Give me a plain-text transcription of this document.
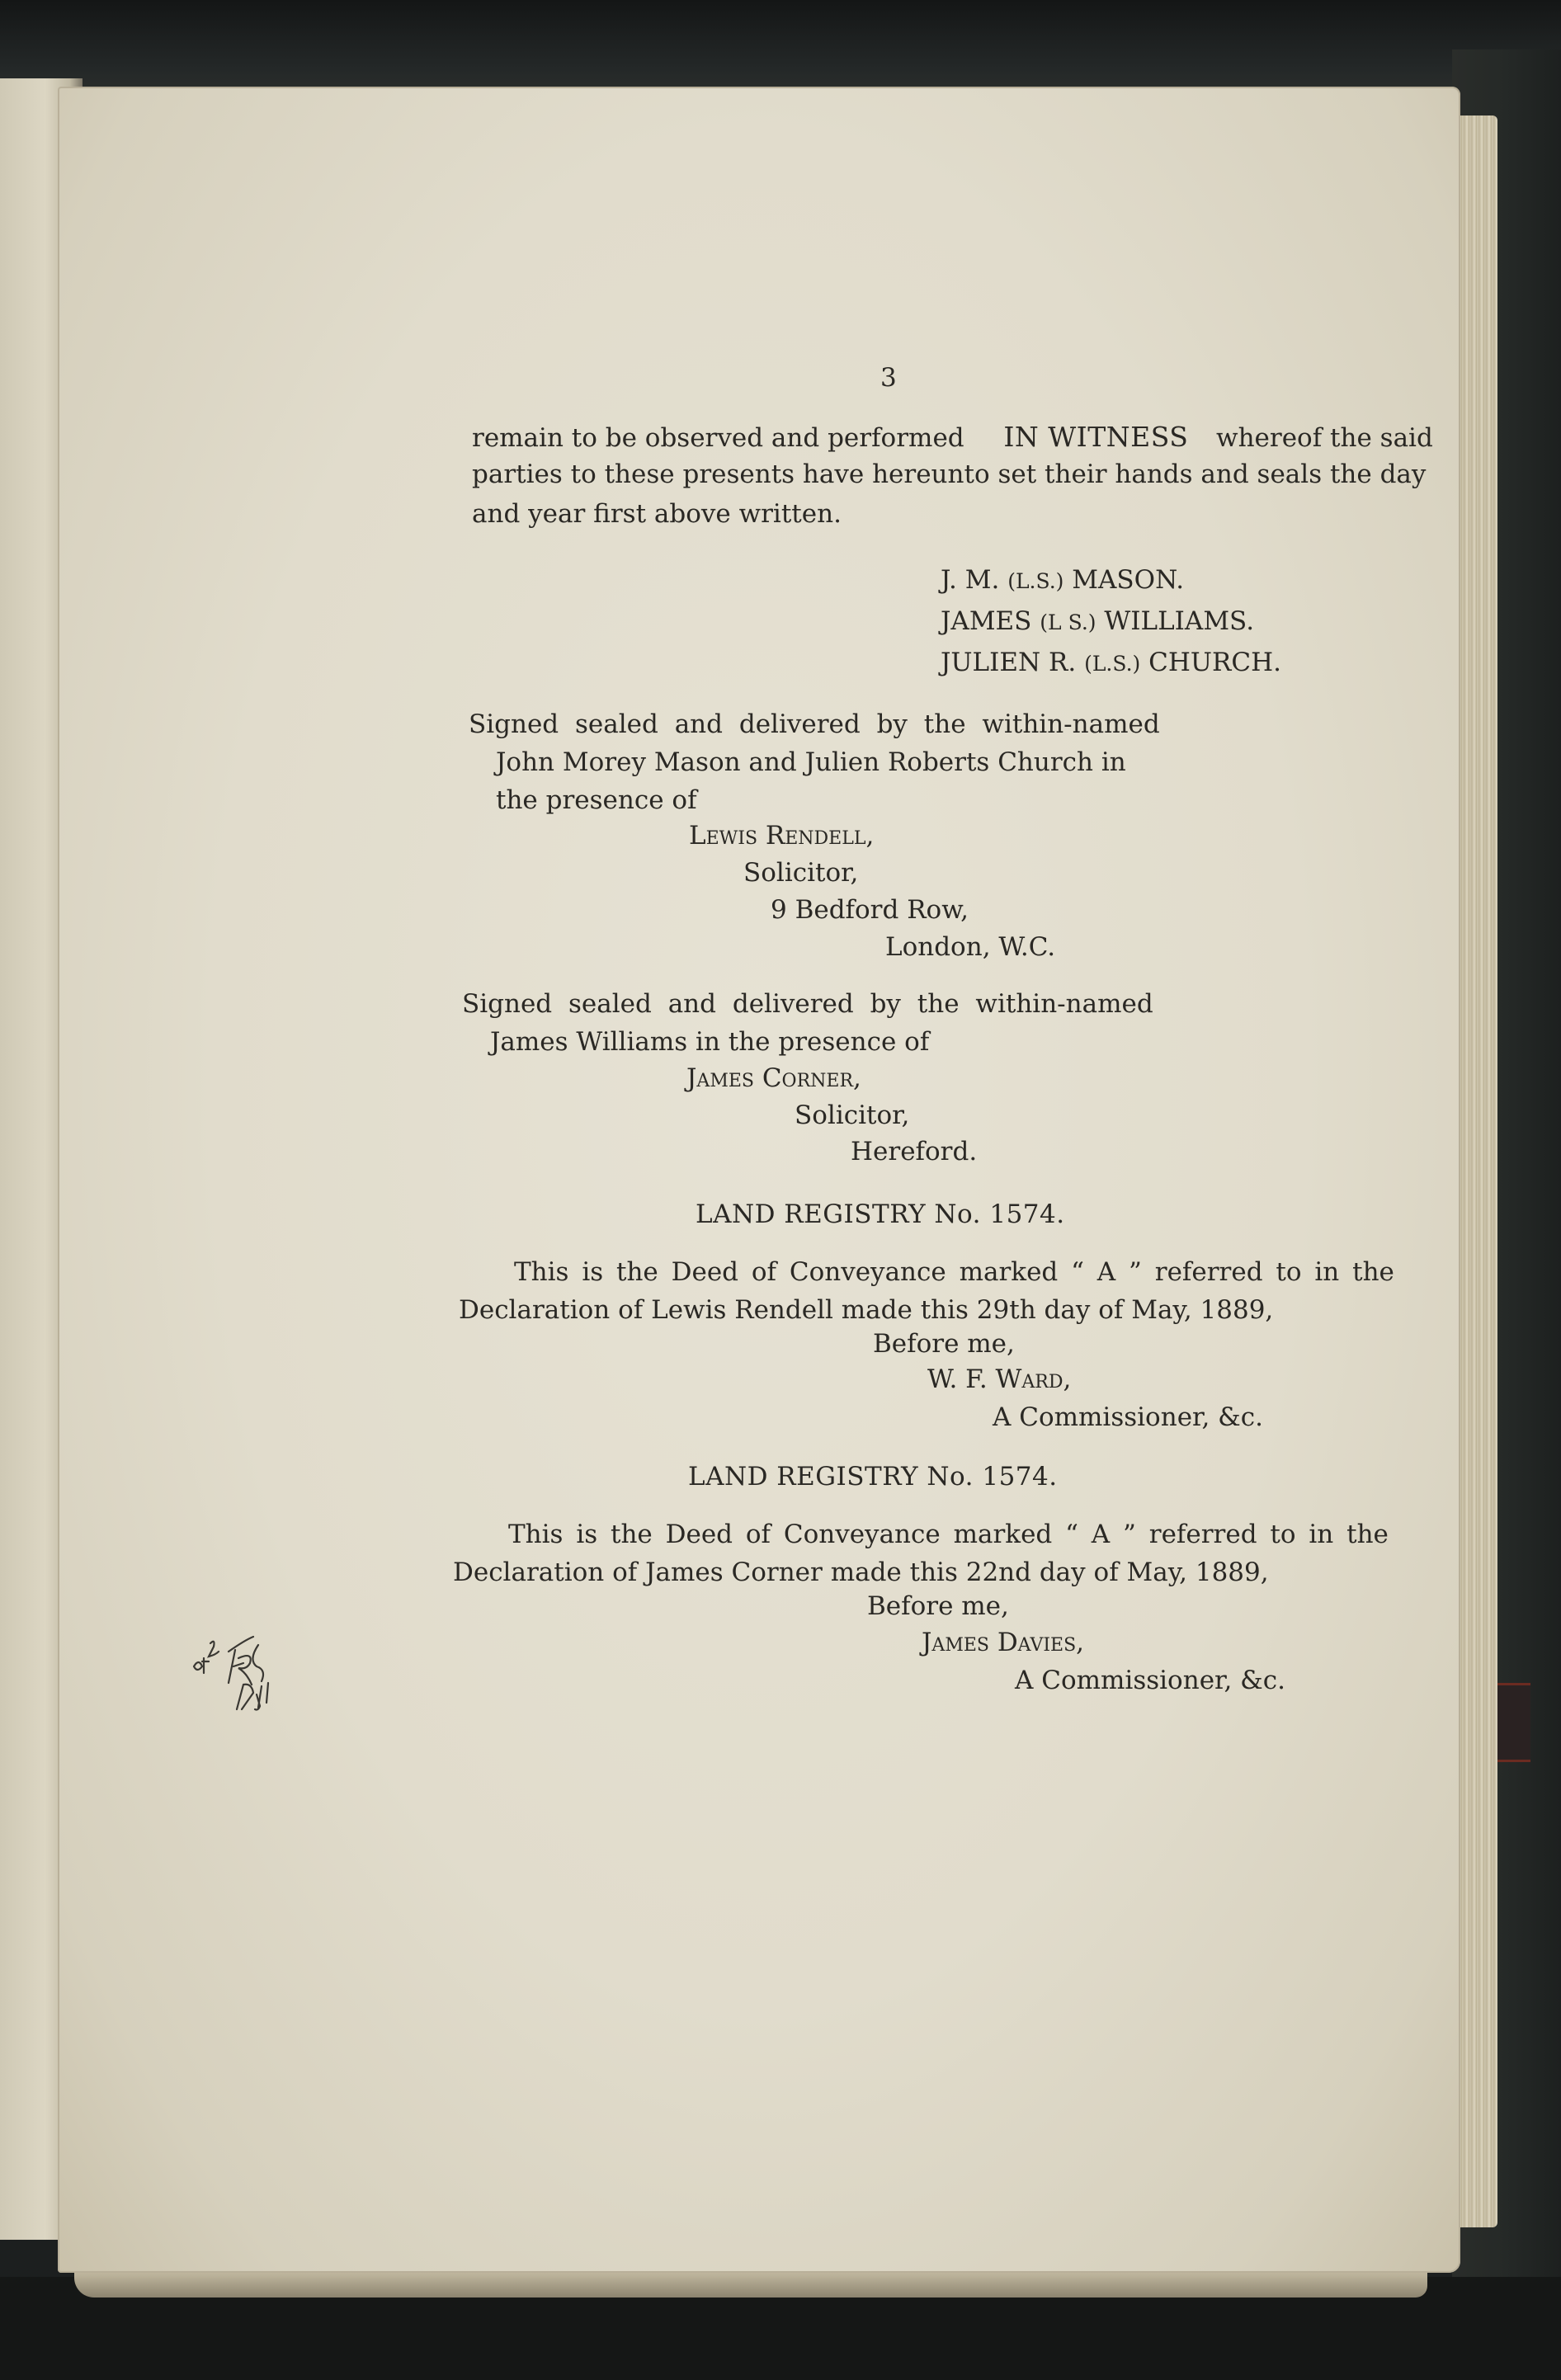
3
remain to be observed and performed IN WITNESS whereof the said
parties to these presents have hereunto set their hands and seals the day
and year first above written.
J. M. (L.S.) MASON.
JAMES (L S.) WILLIAMS.
JULIEN R. (L.S.) CHURCH.
Signed sealed and delivered by the within-named
John Morey Mason and Julien Roberts Church in
the presence of
Lewis Rendell,
Solicitor,
9 Bedford Row,
London, W.C.
Signed sealed and delivered by the within-named
James Williams in the presence of
James Corner,
Solicitor,
Hereford.
LAND REGISTRY No. 1574.
This is the Deed of Conveyance marked “ A ” referred to in the
Declaration of Lewis Rendell made this 29th day of May, 1889,
Before me,
W. F. Ward,
A Commissioner, &c.
LAND REGISTRY No. 1574.
This is the Deed of Conveyance marked “ A ” referred to in the
Declaration of James Corner made this 22nd day of May, 1889,
Before me,
James Davies,
A Commissioner, &c.
